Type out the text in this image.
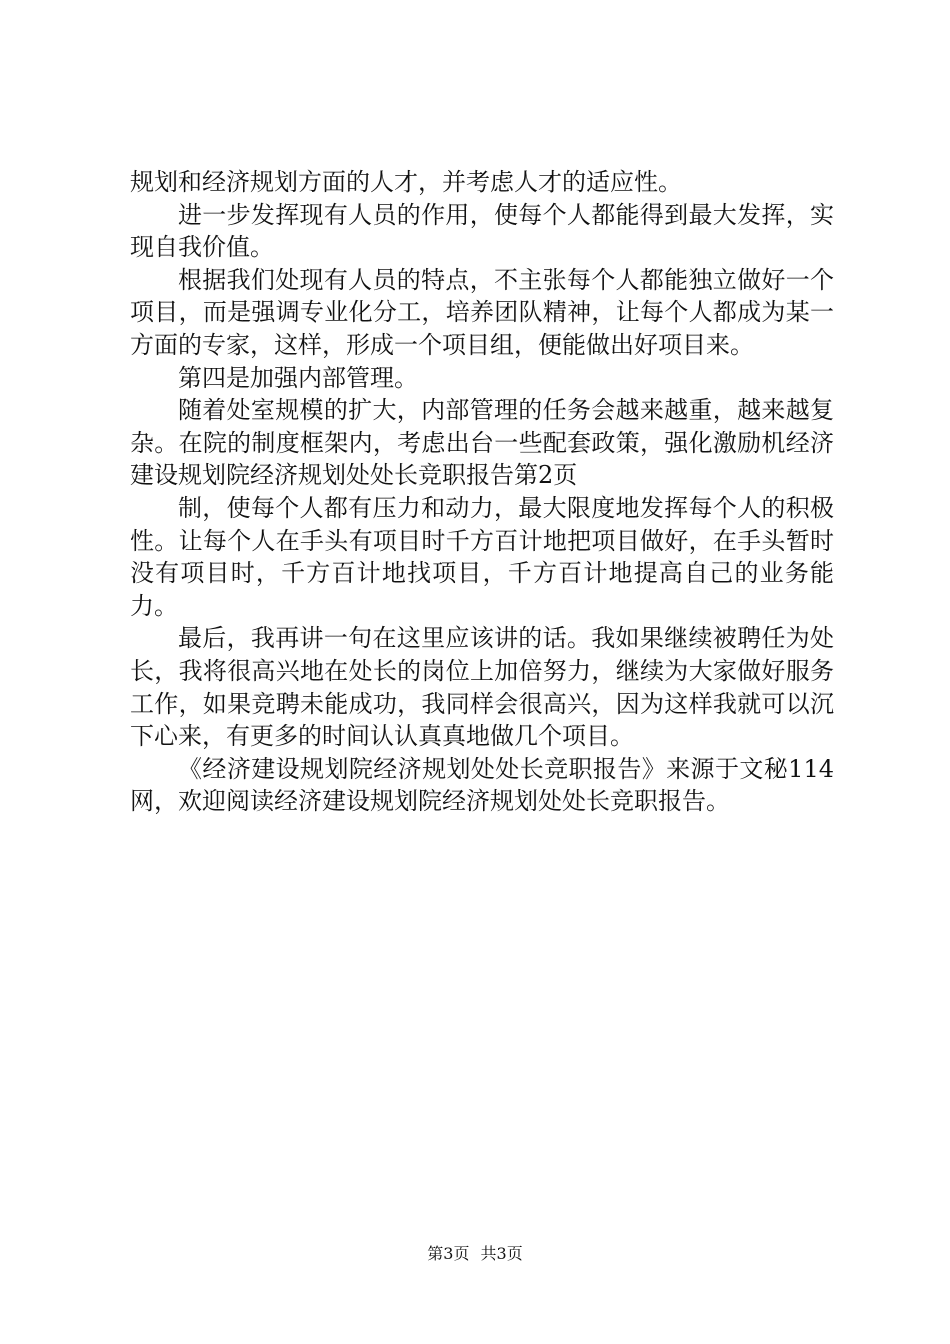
规划和经济规划方面的人才，并考虑人才的适应性。

进一步发挥现有人员的作用，使每个人都能得到最大发挥，实现自我价值。

根据我们处现有人员的特点，不主张每个人都能独立做好一个项目，而是强调专业化分工，培养团队精神，让每个人都成为某一方面的专家，这样，形成一个项目组，便能做出好项目来。

第四是加强内部管理。

随着处室规模的扩大，内部管理的任务会越来越重，越来越复杂。在院的制度框架内，考虑出台一些配套政策，强化激励机经济建设规划院经济规划处处长竞职报告第2页

制，使每个人都有压力和动力，最大限度地发挥每个人的积极性。让每个人在手头有项目时千方百计地把项目做好，在手头暂时没有项目时，千方百计地找项目，千方百计地提高自己的业务能力。

最后，我再讲一句在这里应该讲的话。我如果继续被聘任为处长，我将很高兴地在处长的岗位上加倍努力，继续为大家做好服务工作，如果竞聘未能成功，我同样会很高兴，因为这样我就可以沉下心来，有更多的时间认认真真地做几个项目。

《经济建设规划院经济规划处处长竞职报告》来源于文秘114网，欢迎阅读经济建设规划院经济规划处处长竞职报告。

第3页 共3页
